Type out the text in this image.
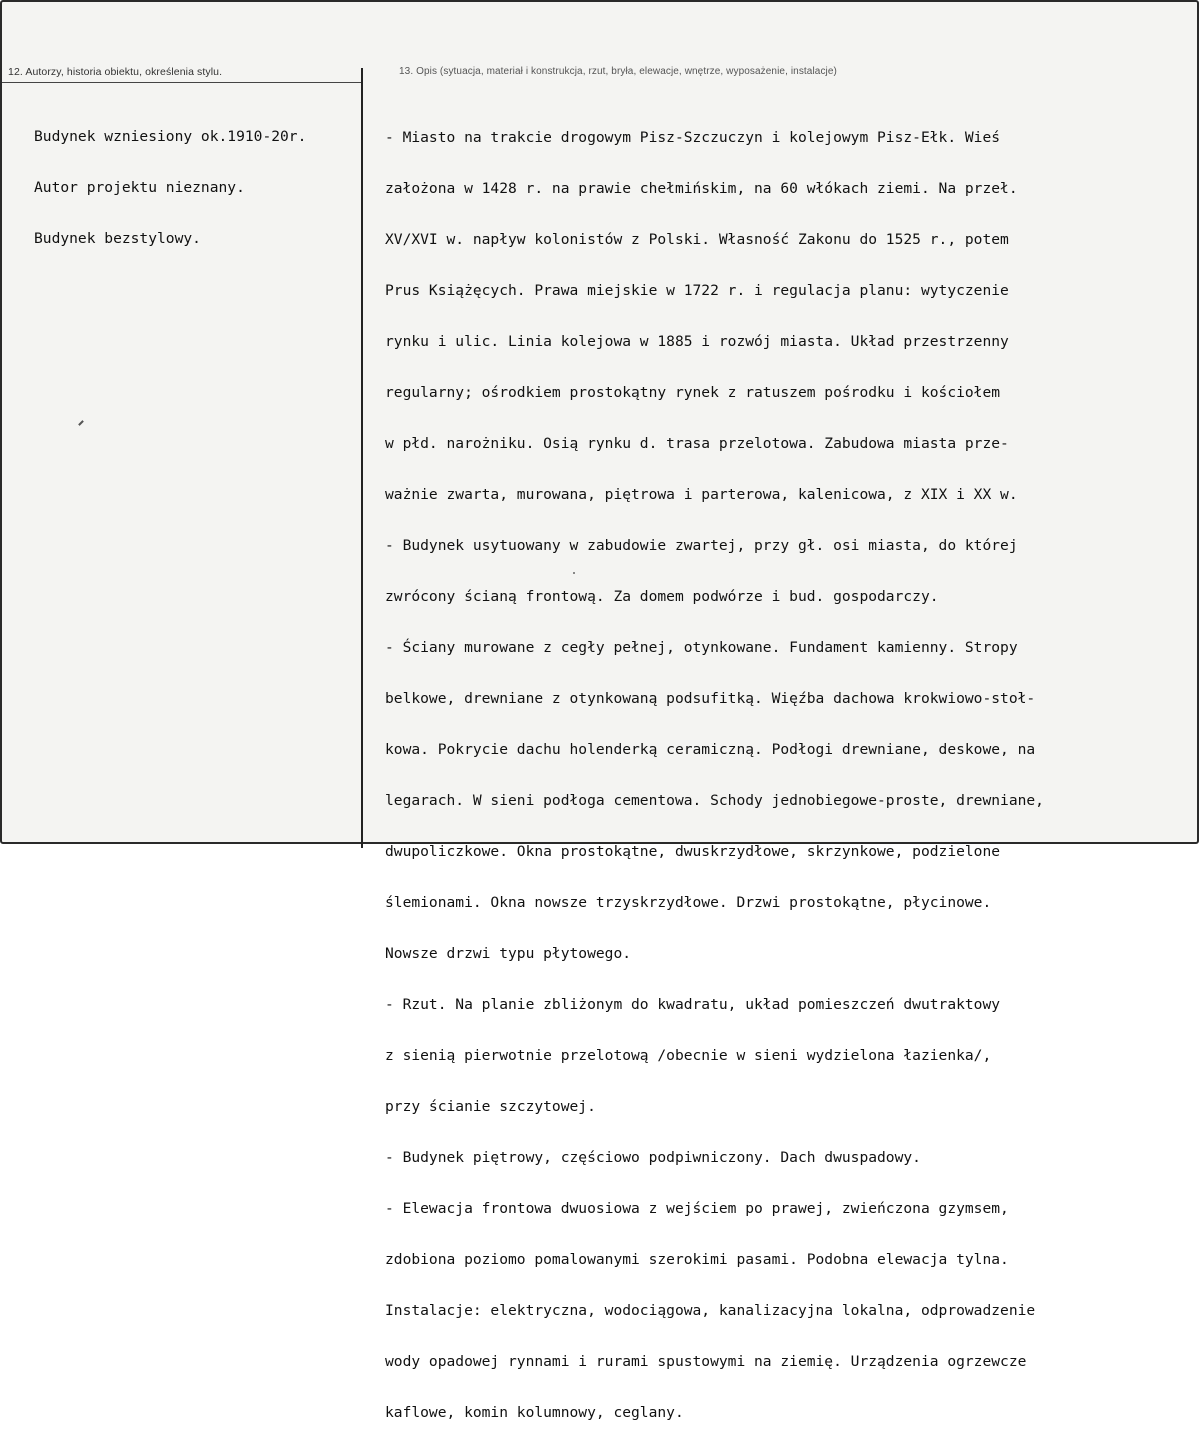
12. Autorzy, historia obiektu, określenia stylu.	13. Opis (sytuacja, materiał i konstrukcja, rzut, bryła, elewacje, wnętrze, wyposażenie, instalacje)

Budynek wzniesiony ok.1910-20r.

Autor projektu nieznany.

Budynek bezstylowy.

- Miasto na trakcie drogowym Pisz-Szczuczyn i kolejowym Pisz-Ełk. Wieś

założona w 1428 r. na prawie chełmińskim, na 60 włókach ziemi. Na przeł.

XV/XVI w. napływ kolonistów z Polski. Własność Zakonu do 1525 r., potem

Prus Książęcych. Prawa miejskie w 1722 r. i regulacja planu: wytyczenie

rynku i ulic. Linia kolejowa w 1885 i rozwój miasta. Układ przestrzenny

regularny; ośrodkiem prostokątny rynek z ratuszem pośrodku i kościołem

w płd. narożniku. Osią rynku d. trasa przelotowa. Zabudowa miasta prze-

ważnie zwarta, murowana, piętrowa i parterowa, kalenicowa, z XIX i XX w.

- Budynek usytuowany w zabudowie zwartej, przy gł. osi miasta, do której

zwrócony ścianą frontową. Za domem podwórze i bud. gospodarczy.

- Ściany murowane z cegły pełnej, otynkowane. Fundament kamienny. Stropy

belkowe, drewniane z otynkowaną podsufitką. Więźba dachowa krokwiowo-stoł-

kowa. Pokrycie dachu holenderką ceramiczną. Podłogi drewniane, deskowe, na

legarach. W sieni podłoga cementowa. Schody jednobiegowe-proste, drewniane,

dwupoliczkowe. Okna prostokątne, dwuskrzydłowe, skrzynkowe, podzielone

ślemionami. Okna nowsze trzyskrzydłowe. Drzwi prostokątne, płycinowe.

Nowsze drzwi typu płytowego.

- Rzut. Na planie zbliżonym do kwadratu, układ pomieszczeń dwutraktowy

z sienią pierwotnie przelotową /obecnie w sieni wydzielona łazienka/,

przy ścianie szczytowej.

- Budynek piętrowy, częściowo podpiwniczony. Dach dwuspadowy.

- Elewacja frontowa dwuosiowa z wejściem po prawej, zwieńczona gzymsem,

zdobiona poziomo pomalowanymi szerokimi pasami. Podobna elewacja tylna.

Instalacje: elektryczna, wodociągowa, kanalizacyjna lokalna, odprowadzenie

wody opadowej rynnami i rurami spustowymi na ziemię. Urządzenia ogrzewcze

kaflowe, komin kolumnowy, ceglany.
